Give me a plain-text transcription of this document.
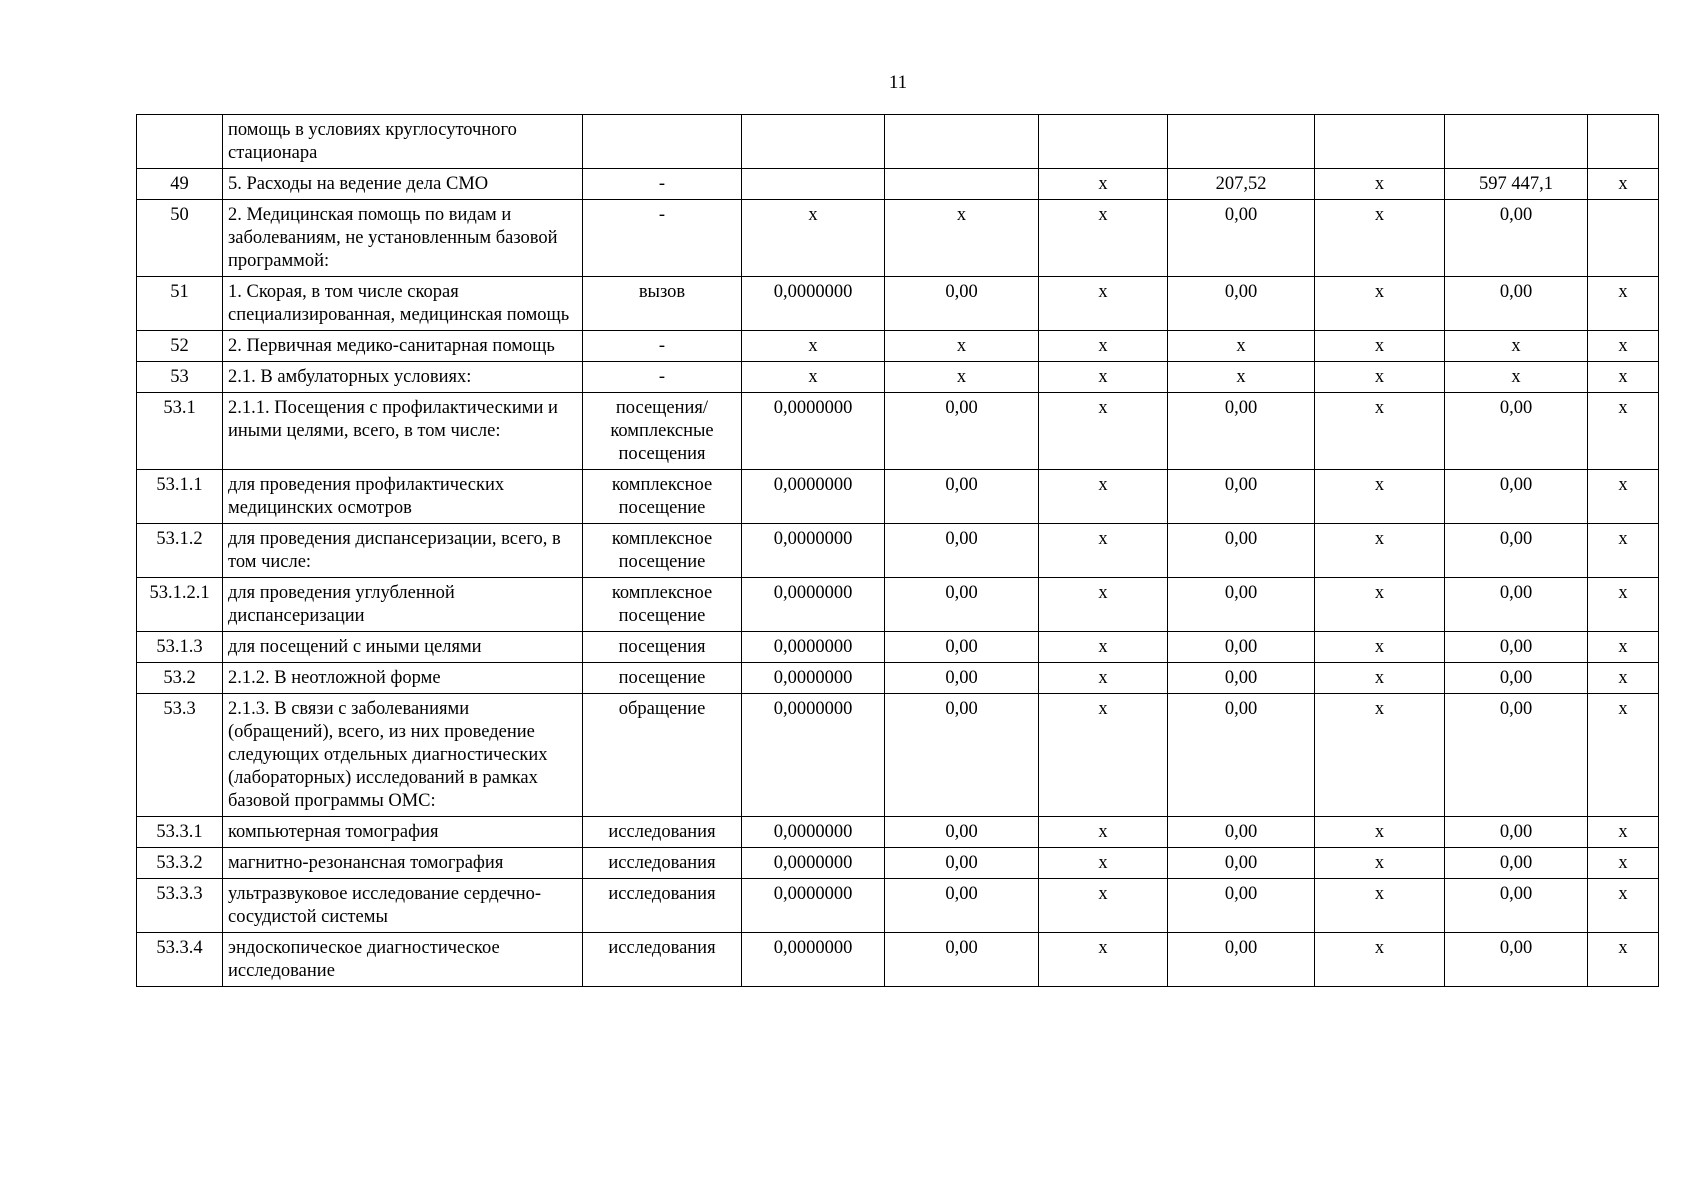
11
	помощь в условиях круглосуточного стационара								
49	5. Расходы на ведение дела СМО	-			х	207,52	х	597 447,1	х
50	2. Медицинская помощь по видам и заболеваниям, не установленным базовой программой:	-	х	х	х	0,00	х	0,00	
51	1. Скорая, в том числе скорая специализированная, медицинская помощь	вызов	0,0000000	0,00	х	0,00	х	0,00	х
52	2. Первичная медико-санитарная помощь	-	х	х	х	х	х	х	х
53	2.1. В амбулаторных условиях:	-	х	х	х	х	х	х	х
53.1	2.1.1. Посещения с профилактическими и иными целями, всего, в том числе:	посещения/комплексные посещения	0,0000000	0,00	х	0,00	х	0,00	х
53.1.1	для проведения профилактических медицинских осмотров	комплексное посещение	0,0000000	0,00	х	0,00	х	0,00	х
53.1.2	для проведения диспансеризации, всего, в том числе:	комплексное посещение	0,0000000	0,00	х	0,00	х	0,00	х
53.1.2.1	для проведения углубленной диспансеризации	комплексное посещение	0,0000000	0,00	х	0,00	х	0,00	х
53.1.3	для посещений с иными целями	посещения	0,0000000	0,00	х	0,00	х	0,00	х
53.2	2.1.2. В неотложной форме	посещение	0,0000000	0,00	х	0,00	х	0,00	х
53.3	2.1.3. В связи с заболеваниями (обращений), всего, из них проведение следующих отдельных диагностических (лабораторных) исследований в рамках базовой программы ОМС:	обращение	0,0000000	0,00	х	0,00	х	0,00	х
53.3.1	компьютерная томография	исследования	0,0000000	0,00	х	0,00	х	0,00	х
53.3.2	магнитно-резонансная томография	исследования	0,0000000	0,00	х	0,00	х	0,00	х
53.3.3	ультразвуковое исследование сердечно-сосудистой системы	исследования	0,0000000	0,00	х	0,00	х	0,00	х
53.3.4	эндоскопическое диагностическое исследование	исследования	0,0000000	0,00	х	0,00	х	0,00	х
